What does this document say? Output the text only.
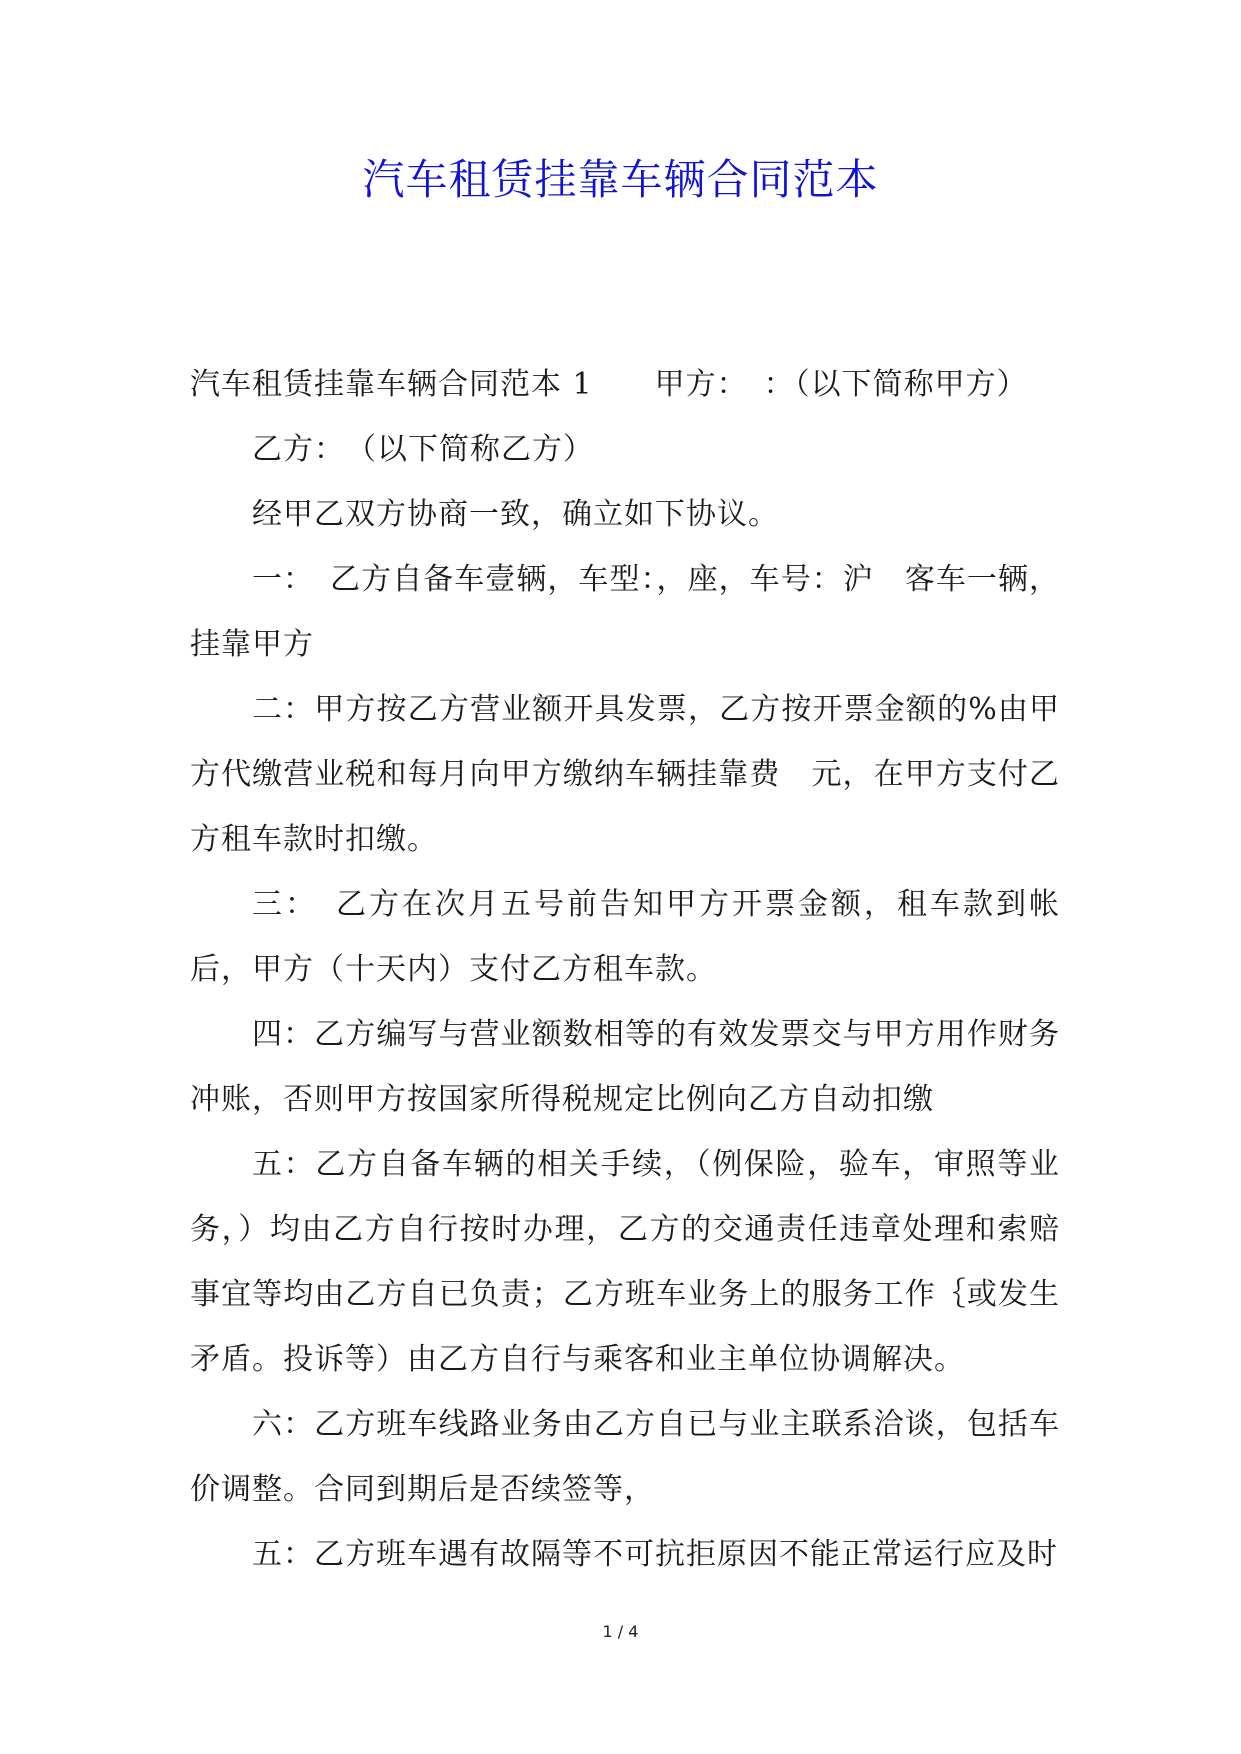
汽车租赁挂靠车辆合同范本

汽车租赁挂靠车辆合同范本 1　　甲方：　：（以下简称甲方）

乙方：　（以下简称乙方）

经甲乙双方协商一致，确立如下协议。

一：　乙方自备车壹辆，车型：，座，车号：沪　客车一辆，挂靠甲方

二：甲方按乙方营业额开具发票，乙方按开票金额的%由甲方代缴营业税和每月向甲方缴纳车辆挂靠费　元，在甲方支付乙方租车款时扣缴。

三：　乙方在次月五号前告知甲方开票金额，租车款到帐后，甲方（十天内）支付乙方租车款。

四：乙方编写与营业额数相等的有效发票交与甲方用作财务冲账，否则甲方按国家所得税规定比例向乙方自动扣缴

五：乙方自备车辆的相关手续，（例保险，验车，审照等业务，）均由乙方自行按时办理，乙方的交通责任违章处理和索赔事宜等均由乙方自已负责；乙方班车业务上的服务工作｛或发生矛盾。投诉等）由乙方自行与乘客和业主单位协调解决。

六：乙方班车线路业务由乙方自已与业主联系洽谈，包括车价调整。合同到期后是否续签等，

五：乙方班车遇有故隔等不可抗拒原因不能正常运行应及时

1 / 4
